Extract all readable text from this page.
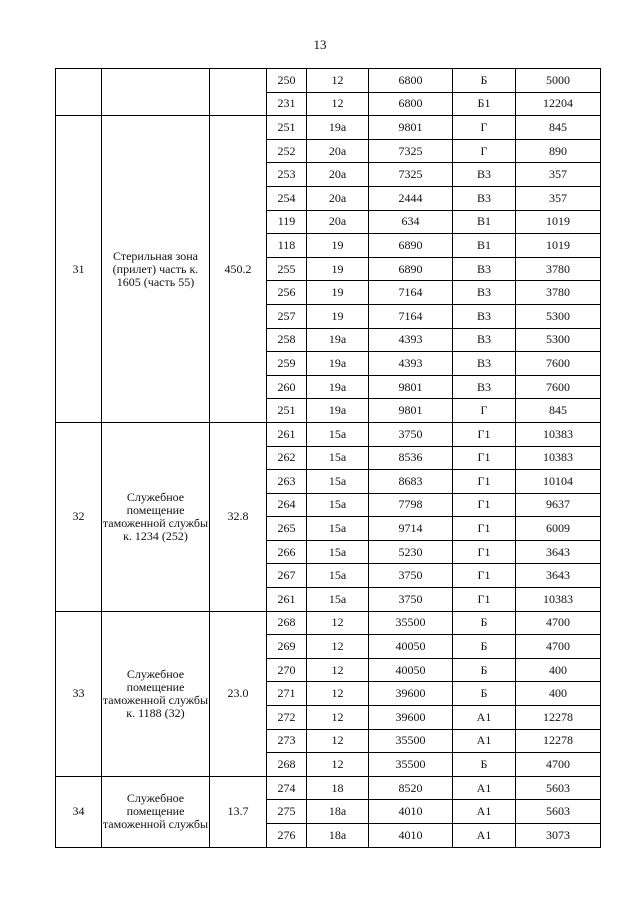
13
			250	12	6800	Б	5000
			231	12	6800	Б1	12204
31	Стерильная зона (прилет) часть к. 1605 (часть 55)	450.2	251	19а	9801	Г	845
			252	20а	7325	Г	890
			253	20а	7325	В3	357
			254	20а	2444	В3	357
			119	20а	634	В1	1019
			118	19	6890	В1	1019
			255	19	6890	В3	3780
			256	19	7164	В3	3780
			257	19	7164	В3	5300
			258	19а	4393	В3	5300
			259	19а	4393	В3	7600
			260	19а	9801	В3	7600
			251	19а	9801	Г	845
32	Служебное помещение таможенной службы к. 1234 (252)	32.8	261	15а	3750	Г1	10383
			262	15а	8536	Г1	10383
			263	15а	8683	Г1	10104
			264	15а	7798	Г1	9637
			265	15а	9714	Г1	6009
			266	15а	5230	Г1	3643
			267	15а	3750	Г1	3643
			261	15а	3750	Г1	10383
33	Служебное помещение таможенной службы к. 1188 (32)	23.0	268	12	35500	Б	4700
			269	12	40050	Б	4700
			270	12	40050	Б	400
			271	12	39600	Б	400
			272	12	39600	А1	12278
			273	12	35500	А1	12278
			268	12	35500	Б	4700
34	Служебное помещение таможенной службы	13.7	274	18	8520	А1	5603
			275	18а	4010	А1	5603
			276	18а	4010	А1	3073
